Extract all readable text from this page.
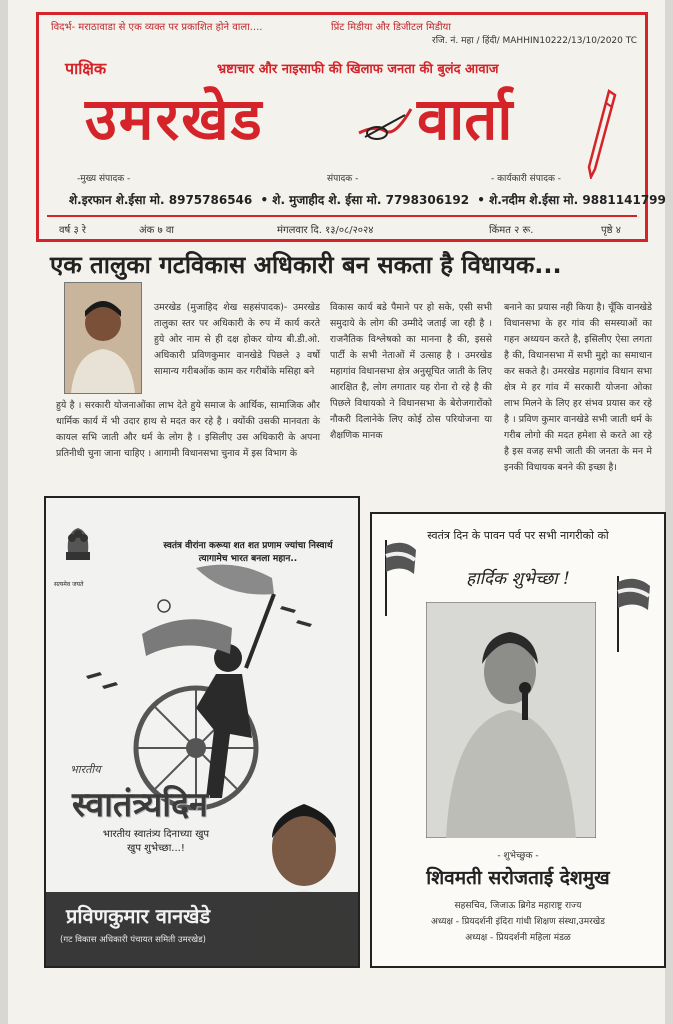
विदर्भ- मराठावाडा से एक व्यक्त पर प्रकाशित होने वाला....	प्रिंट मिडीया और डिजीटल मिडीया
रजि. नं. महा / हिंदी/ MAHHIN10222/13/10/2020 TC
पाक्षिक	भ्रष्टाचार और नाइसाफी की खिलाफ जनता की बुलंद आवाज
उमरखेड	वार्ता
-मुख्य संपादक -	संपादक -	- कार्यकारी संपादक -
शे.इरफान शे.ईसा मो. 8975786546 • शे. मुजाहीद शे. ईसा मो. 7798306192 • शे.नदीम शे.ईसा मो. 9881141799
वर्ष ३ रे	अंक ७ वा	मंगलवार दि. १३/०८/२०२४	किंमत २ रू.	पृष्ठे ४
एक तालुका गटविकास अधिकारी बन सकता है विधायक...
उमरखेड (मुजाहिद शेख सहसंपादक)- उमरखेड तालुका स्तर पर अधिकारी के रुप में कार्य करते हुये ओर नाम से ही दक्ष होकर योग्य बी.डी.ओ. अधिकारी प्रविणकुमार वानखेडे पिछले ३ वर्षो सामान्य गरीबओंक काम कर गरीबोंके मसिहा बने
हुये है । सरकारी योजनाओंका लाभ देते हुये समाज के आर्थिक, सामाजिक और धार्मिक कार्य में भी उदार हाथ से मदत कर रहे है । क्योंकी उसकी मानवता के कायल सभि जाती और धर्म के लोग है । इसिलीए उस अधिकारी के अपना प्रतिनीधी चुना जाना चाहिए । आगामी विधानसभा चुनाव में इस विभाग के
विकास कार्य बडे पैमाने पर हो सके, एसी सभी समुदाये के लोग की उम्मीदे जताई जा रही है । राजनैतिक विश्लेषको का मानना है की, इससे पार्टी के सभी नेताओं में उत्साह है । उमरखेड महागांव विधानसभा क्षेत्र अनुसूचित जाती के लिए आरक्षित है, लोग लगातार यह रोना रो रहे है की पिछले विधायको ने विधानसभा के बेरोजगारोंको नौकरी दिलानेके लिए कोई ठोस परियोजना या शैक्षणिक मानक
बनाने का प्रयास नही किया है। चूँकि वानखेडे विधानसभा के हर गांव की समस्याओं का गहन अध्ययन करते है, इसिलीए ऐसा लगता है की, विधानसभा में सभी मुद्दो का समाधान कर सकते है। उमरखेड महागांव विधान सभा क्षेत्र मे हर गांव में सरकारी योजना ओका लाभ मिलने के लिए हर संभव प्रयास कर रहे है । प्रविण कुमार वानखेडे सभी जाती धर्म के गरीब लोगो की मदत हमेशा से करते आ रहे है इस वजह सभी जाती की जनता के मन मे इनकी विधायक बनने की इच्छा है।
सत्यमेव जयते
स्वतंत्र वीरांना करूया शत शत प्रणाम ज्यांचा निस्वार्थ त्यागामेच भारत बनला महान..
भारतीय
स्वातंत्र्यदिन
भारतीय स्वातंत्र्य दिनाच्या खुप खुप शुभेच्छा...!
प्रविणकुमार वानखेडे
(गट विकास अधिकारी पंचायत समिती उमरखेड)
स्वतंत्र दिन के पावन पर्व पर सभी नागरीको को
हार्दिक शुभेच्छा !
- शुभेच्छुक -
शिवमती सरोजताई देशमुख
सहसचिव, जिजाऊ ब्रिगेड महाराष्ट्र राज्य
अध्यक्ष - प्रियदर्शनी इंदिरा गांधी शिक्षण संस्था,उमरखेड
अध्यक्ष - प्रियदर्शनी महिला मंडळ
